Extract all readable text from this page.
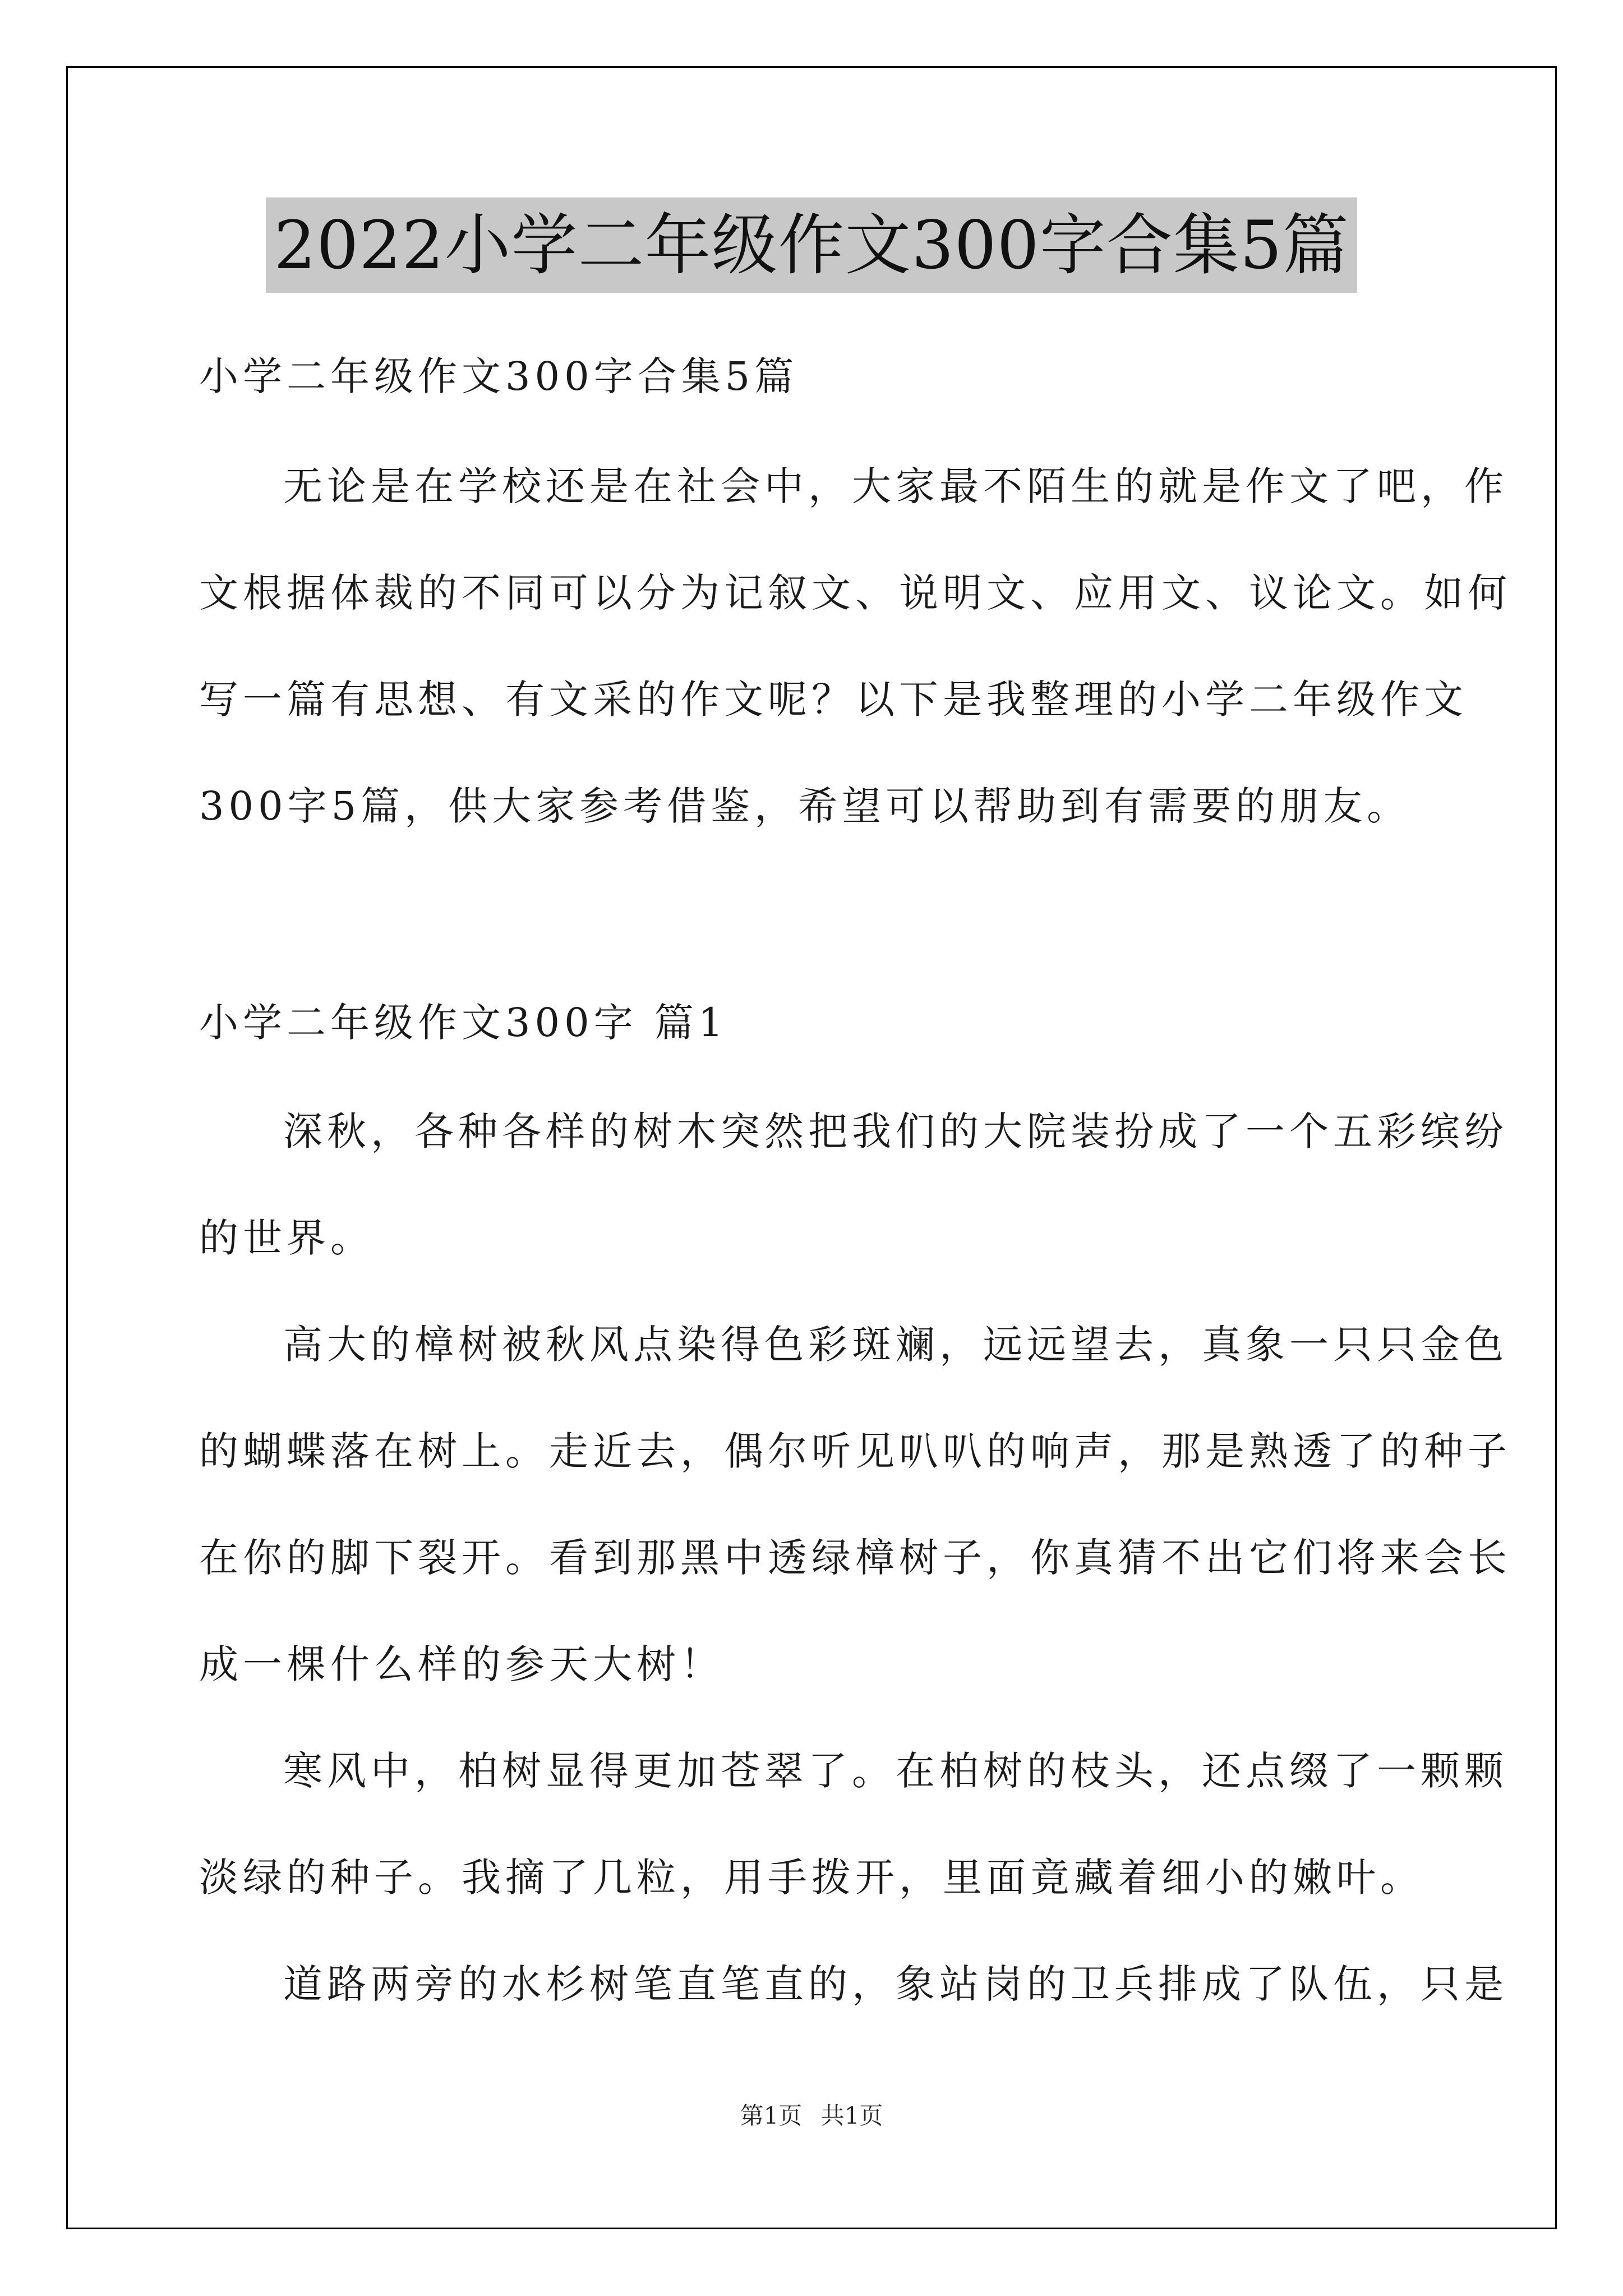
2022小学二年级作文300字合集5篇
小学二年级作文300字合集5篇
无论是在学校还是在社会中，大家最不陌生的就是作文了吧，作
文根据体裁的不同可以分为记叙文、说明文、应用文、议论文。如何
写一篇有思想、有文采的作文呢？以下是我整理的小学二年级作文
300字5篇，供大家参考借鉴，希望可以帮助到有需要的朋友。
小学二年级作文300字 篇1
深秋，各种各样的树木突然把我们的大院装扮成了一个五彩缤纷
的世界。
高大的樟树被秋风点染得色彩斑斓，远远望去，真象一只只金色
的蝴蝶落在树上。走近去，偶尔听见叭叭的响声，那是熟透了的种子
在你的脚下裂开。看到那黑中透绿樟树子，你真猜不出它们将来会长
成一棵什么样的参天大树！
寒风中，柏树显得更加苍翠了。在柏树的枝头，还点缀了一颗颗
淡绿的种子。我摘了几粒，用手拨开，里面竟藏着细小的嫩叶。
道路两旁的水杉树笔直笔直的，象站岗的卫兵排成了队伍，只是
第1页 共1页
